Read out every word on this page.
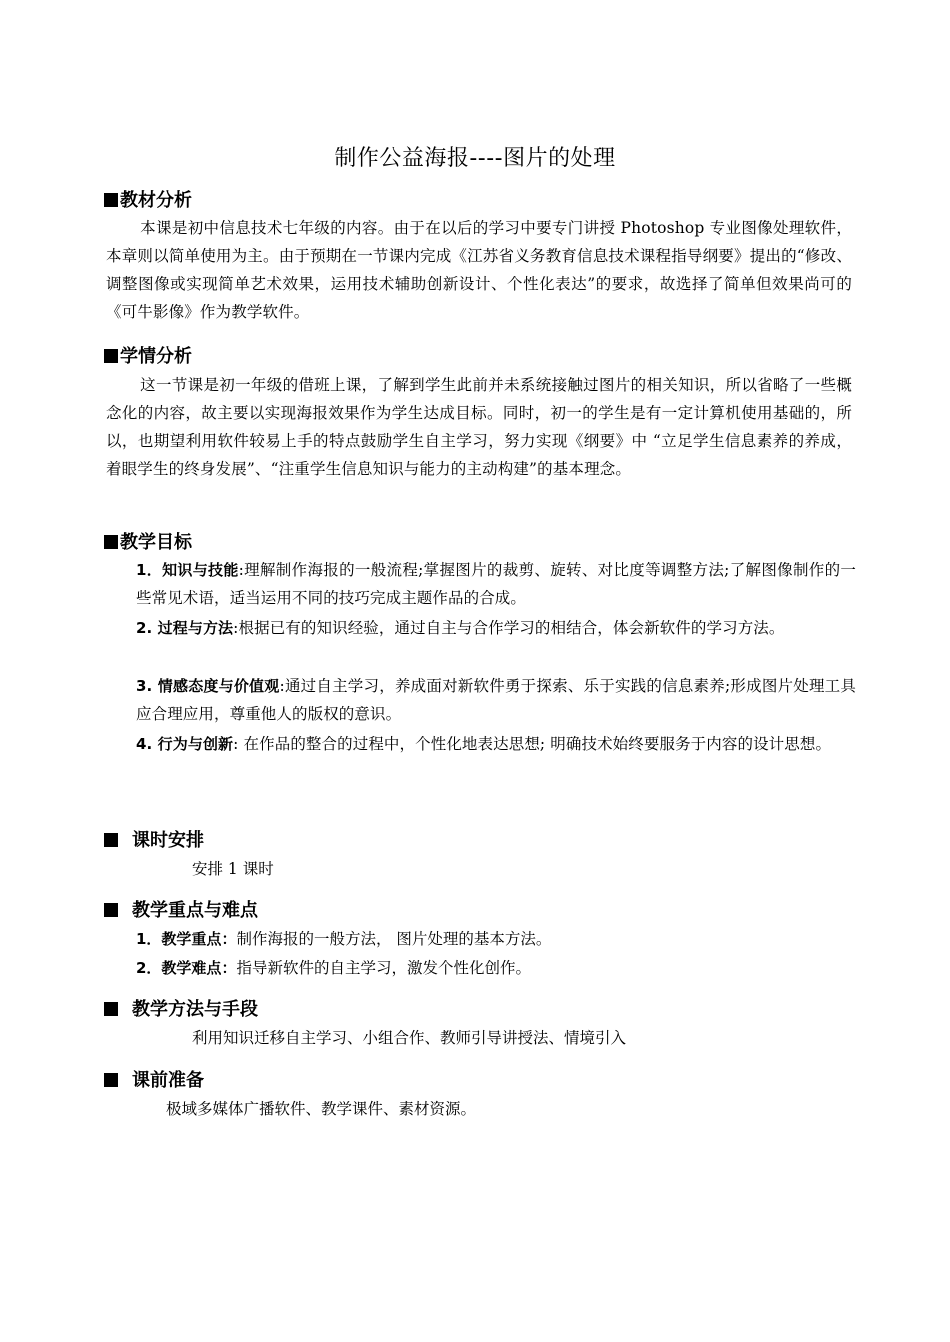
制作公益海报----图片的处理
教材分析
本课是初中信息技术七年级的内容。由于在以后的学习中要专门讲授 Photoshop 专业图像处理软件，本章则以简单使用为主。由于预期在一节课内完成《江苏省义务教育信息技术课程指导纲要》提出的“修改、调整图像或实现简单艺术效果，运用技术辅助创新设计、个性化表达”的要求，故选择了简单但效果尚可的《可牛影像》作为教学软件。
学情分析
这一节课是初一年级的借班上课，了解到学生此前并未系统接触过图片的相关知识，所以省略了一些概念化的内容，故主要以实现海报效果作为学生达成目标。同时，初一的学生是有一定计算机使用基础的，所以，也期望利用软件较易上手的特点鼓励学生自主学习，努力实现《纲要》中 “立足学生信息素养的养成，着眼学生的终身发展”、“注重学生信息知识与能力的主动构建”的基本理念。
教学目标
1．知识与技能:理解制作海报的一般流程;掌握图片的裁剪、旋转、对比度等调整方法;了解图像制作的一些常见术语，适当运用不同的技巧完成主题作品的合成。
2. 过程与方法:根据已有的知识经验，通过自主与合作学习的相结合，体会新软件的学习方法。
3. 情感态度与价值观:通过自主学习，养成面对新软件勇于探索、乐于实践的信息素养;形成图片处理工具应合理应用，尊重他人的版权的意识。
4. 行为与创新: 在作品的整合的过程中，个性化地表达思想; 明确技术始终要服务于内容的设计思想。
课时安排
安排 1 课时
教学重点与难点
1．教学重点：制作海报的一般方法， 图片处理的基本方法。
2．教学难点：指导新软件的自主学习，激发个性化创作。
教学方法与手段
利用知识迁移自主学习、小组合作、教师引导讲授法、情境引入
课前准备
极域多媒体广播软件、教学课件、素材资源。
